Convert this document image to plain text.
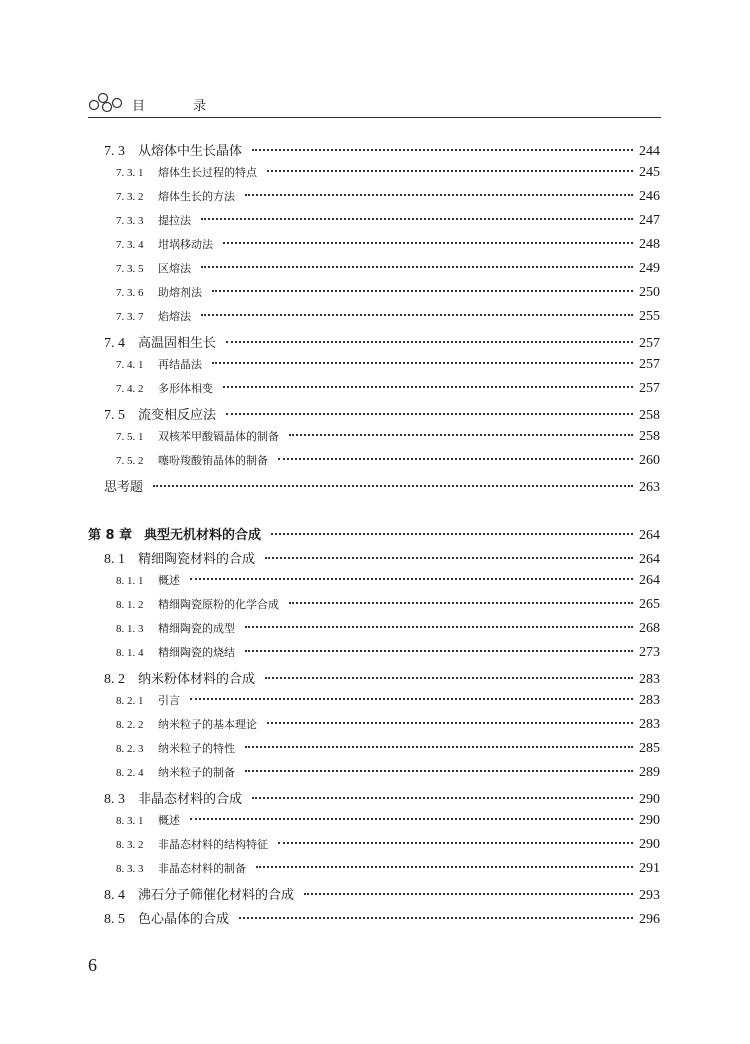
目 录
7. 3	从熔体中生长晶体	244
7. 3. 1	熔体生长过程的特点	245
7. 3. 2	熔体生长的方法	246
7. 3. 3	提拉法	247
7. 3. 4	坩埚移动法	248
7. 3. 5	区熔法	249
7. 3. 6	助熔剂法	250
7. 3. 7	焰熔法	255
7. 4	高温固相生长	257
7. 4. 1	再结晶法	257
7. 4. 2	多形体相变	257
7. 5	流变相反应法	258
7. 5. 1	双核苯甲酸镉晶体的制备	258
7. 5. 2	噻吩羧酸铕晶体的制备	260
思考题	263
第 8 章 典型无机材料的合成	264
8. 1	精细陶瓷材料的合成	264
8. 1. 1	概述	264
8. 1. 2	精细陶瓷原粉的化学合成	265
8. 1. 3	精细陶瓷的成型	268
8. 1. 4	精细陶瓷的烧结	273
8. 2	纳米粉体材料的合成	283
8. 2. 1	引言	283
8. 2. 2	纳米粒子的基本理论	283
8. 2. 3	纳米粒子的特性	285
8. 2. 4	纳米粒子的制备	289
8. 3	非晶态材料的合成	290
8. 3. 1	概述	290
8. 3. 2	非晶态材料的结构特征	290
8. 3. 3	非晶态材料的制备	291
8. 4	沸石分子筛催化材料的合成	293
8. 5	色心晶体的合成	296
6
